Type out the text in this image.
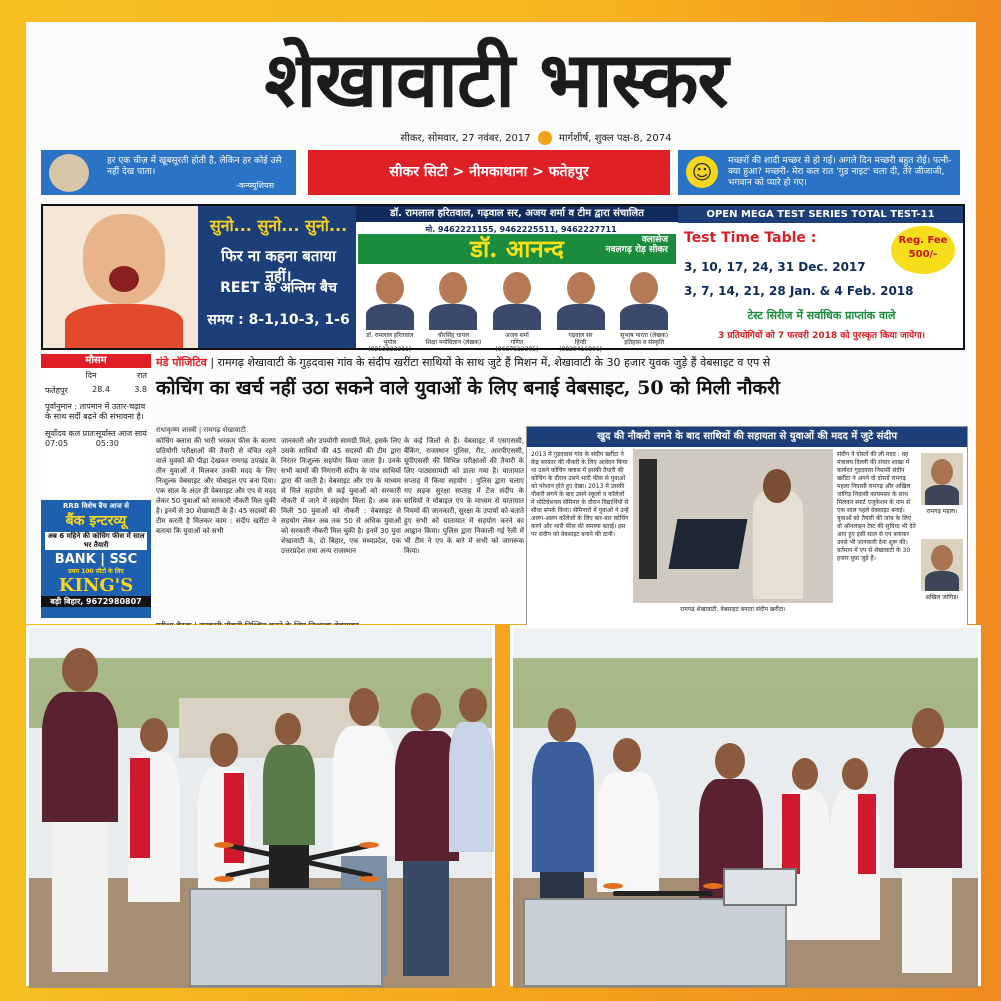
शेखावाटी भास्कर
सीकर, सोमवार, 27 नवंबर, 2017	मार्गशीर्ष, शुक्ल पक्ष-8, 2074
हर एक चीज़ में खूबसूरती होती है, लेकिन हर कोई उसे नहीं देख पाता।
-कन्फ्यूशियस
सीकर सिटी > नीमकाथाना > फतेहपुर	☺	मच्छरों की शादी मच्छर से हो गई। अगले दिन मच्छरी बहुत रोई। पत्नी- क्या हुआ? मच्छरी- मेरा कल रात 'गुड नाइट' चला दी, तेरे जीजाजी, भगवान को प्यारे हो गए।
सुनो... सुनो... सुनो...
फिर ना कहना बताया नहीं।
REET के अन्तिम बैच
समय : 8-1,10-3, 1-6
डॉ. रामलाल हरितवाल, गढ़वाल सर, अजय शर्मा व टीम द्वारा संचालित
मो. 9462221155, 9462225511, 9462227711
डॉ. आनन्द	क्लासेज
नवलगढ़ रोड़ सीकर
डॉ. रामलाल हरितवाल
भूगोल (9252222211)
चौरसिंह धायल
शिक्षा मनोविज्ञान (लेखक)
अजय शर्मा
गणित (9667612305)
गढ़वाल सर
हिन्दी (9829416801)
सुभाष पारता (लेखक)
इतिहास व संस्कृति
OPEN MEGA TEST SERIES TOTAL TEST-11
Test Time Table :	Reg. Fee 500/-
3, 10, 17, 24, 31 Dec. 2017
3, 7, 14, 21, 28 Jan. & 4 Feb. 2018
टेस्ट सिरीज में सर्वाधिक प्राप्तांक वाले
3 प्रतियोगियों को 7 फरवरी 2018 को पुरस्कृत किया जायेगा।
मौसम
दिन	रात
फतेहपुर	28.4	3.8
पूर्वानुमान : तापमान में उतार-चढ़ाव के साथ सर्दी बढ़ने की संभावना है।
सूर्योदय कल प्रातः 07:05
सूर्यास्त आज सायं 05:30
RRB विशेष बैच आज से
बैंक इन्टरव्यू
अब 6 महिने की कोचिंग फीस में साल भर तैयारी
BANK | SSC
प्रथम 100 सीटों के लिए
KING'S
बड़ी बिहार, 9672980807
मंडे पॉजिटिव | रामगढ़ शेखावाटी के गुड़दवास गांव के संदीप खरींटा साथियों के साथ जुटे हैं मिशन में, शेखावाटी के 30 हजार युवक जुड़े हैं वेबसाइट व एप से
कोचिंग का खर्च नहीं उठा सकने वाले युवाओं के लिए बनाई वेबसाइट, 50 को मिली नौकरी
राधाकृष्ण शास्त्री | रामगढ़ शेखावाटी
कोचिंग क्लास की भारी भरकम फीस के कारण प्रतियोगी परीक्षाओं की तैयारी से वंचित रहने वाले युवकों की पीड़ा देखकर रामगढ़ उपखंड के तीन युवाओं ने मिलकर उनकी मदद के लिए निःशुल्क वेबसाइट और मोबाइल एप बना दिया। एक साल के अंदर ही वेबसाइट और एप से मदद लेकर 50 युवाओं को सरकारी नौकरी मिल चुकी है। इनमें से 30 शेखावाटी के हैं। 45 सदस्यों की टीम करती है मिलकर काम : संदीप खरींटा ने बताया कि युवाओं को सभी
जानकारी और उपयोगी सामग्री मिले, इसके लिए उसके साथियों की 45 सदस्यों की टीम द्वारा निरंतर निःशुल्क सहयोग किया जाता है। उनके सभी कामों की निगरानी संदीप के पांच साथियों द्वारा की जाती है। वेबसाइट और एप के माध्यम से मिले सहयोग से कई युवाओं को सरकारी नौकरी में जाने में सहयोग मिला है। अब तक मिली 50 युवाओं को नौकरी : वेबसाइट से सहयोग लेकर अब तक 50 से अधिक युवाओं को सरकारी नौकरी मिल चुकी है। इनमें 30 युवा शेखावाटी के, दो बिहार, एक मध्यप्रदेश, एक उत्तरप्रदेश तथा अन्य राजस्थान
के कई जिलों से हैं। वेबसाइट में एसएससी, बैंकिंग, राजस्थान पुलिस, रीट, आरपीएससी, यूपीएससी की विभिन्न परीक्षाओं की तैयारी के लिए पाठ्यसामग्री को डाला गया है। यातायात सप्ताह में किया सहयोग : पुलिस द्वारा चलाए गए सड़क सुरक्षा सप्ताह में टेंज संदीप के साथियों ने मोबाइल एप के माध्यम से यातायात नियमों की जानकारी, सुरक्षा के उपायों को बताते हुए सभी को यातायात में सहयोग करने का आह्वान किया। पुलिस द्वारा निकाली गई रैली में भी टीम ने एप के बारे में सभी को जागरूक किया।
खुद की नौकरी लगने के बाद साथियों की सहायता से युवाओं की मदद में जुटे संदीप
2013 में गुड़दवास गांव के संदीप खरींटा ने केंद्र सरकार की नौकरी के लिए आवेदन किया था उसने कोचिंग क्लास में इसकी तैयारी की कोचिंग के दौरान उसने भारी फीस से युवाओं को परेशान होते हुए देखा। 2013 में उसकी नौकरी लगने के बाद उसने स्कूलों व कॉलेजों में मोटिवेशनल सेमिनार के दौरान विद्यार्थियों से सीधा संपर्क किया। सेमिनारों में युवाओं ने उन्हें अलग-अलग कॉलेजों के लिए बार-बार कोचिंग करने और भारी फीस की समस्या बताई। इस पर संदीप को वेबसाइट बनाने की ठानी।
रामगढ़ शेखावाटी. वेबसाइट बनाता संदीप खरींटा।
संदीप ने दोस्तों की ली मदद : वह मंत्रालय दिल्ली की संचार शाखा में कार्यरत गुड़दवास निवासी संदीप खरींटा ने अपने दो दोस्तों रामगढ़ महला निवासी रामगढ़ और अखिल जांगिड़ निवासी कायमसर के साथ मिलकर स्मार्ट एजुकेशन के नाम से एक साल पहले वेबसाइट बनाई। युवाओं को तैयारी की जांच के लिए वो ऑनलाइन टेस्ट की सुविधा भी देते आए हुए इसी साल से एप बनाकर उनसे भी जानकारी देना शुरू की। वर्तमान में एप से शेखावाटी के 30 हजार युवा जुड़े हैं।
रामगढ़ महला।
अखिल जांगिड़।
